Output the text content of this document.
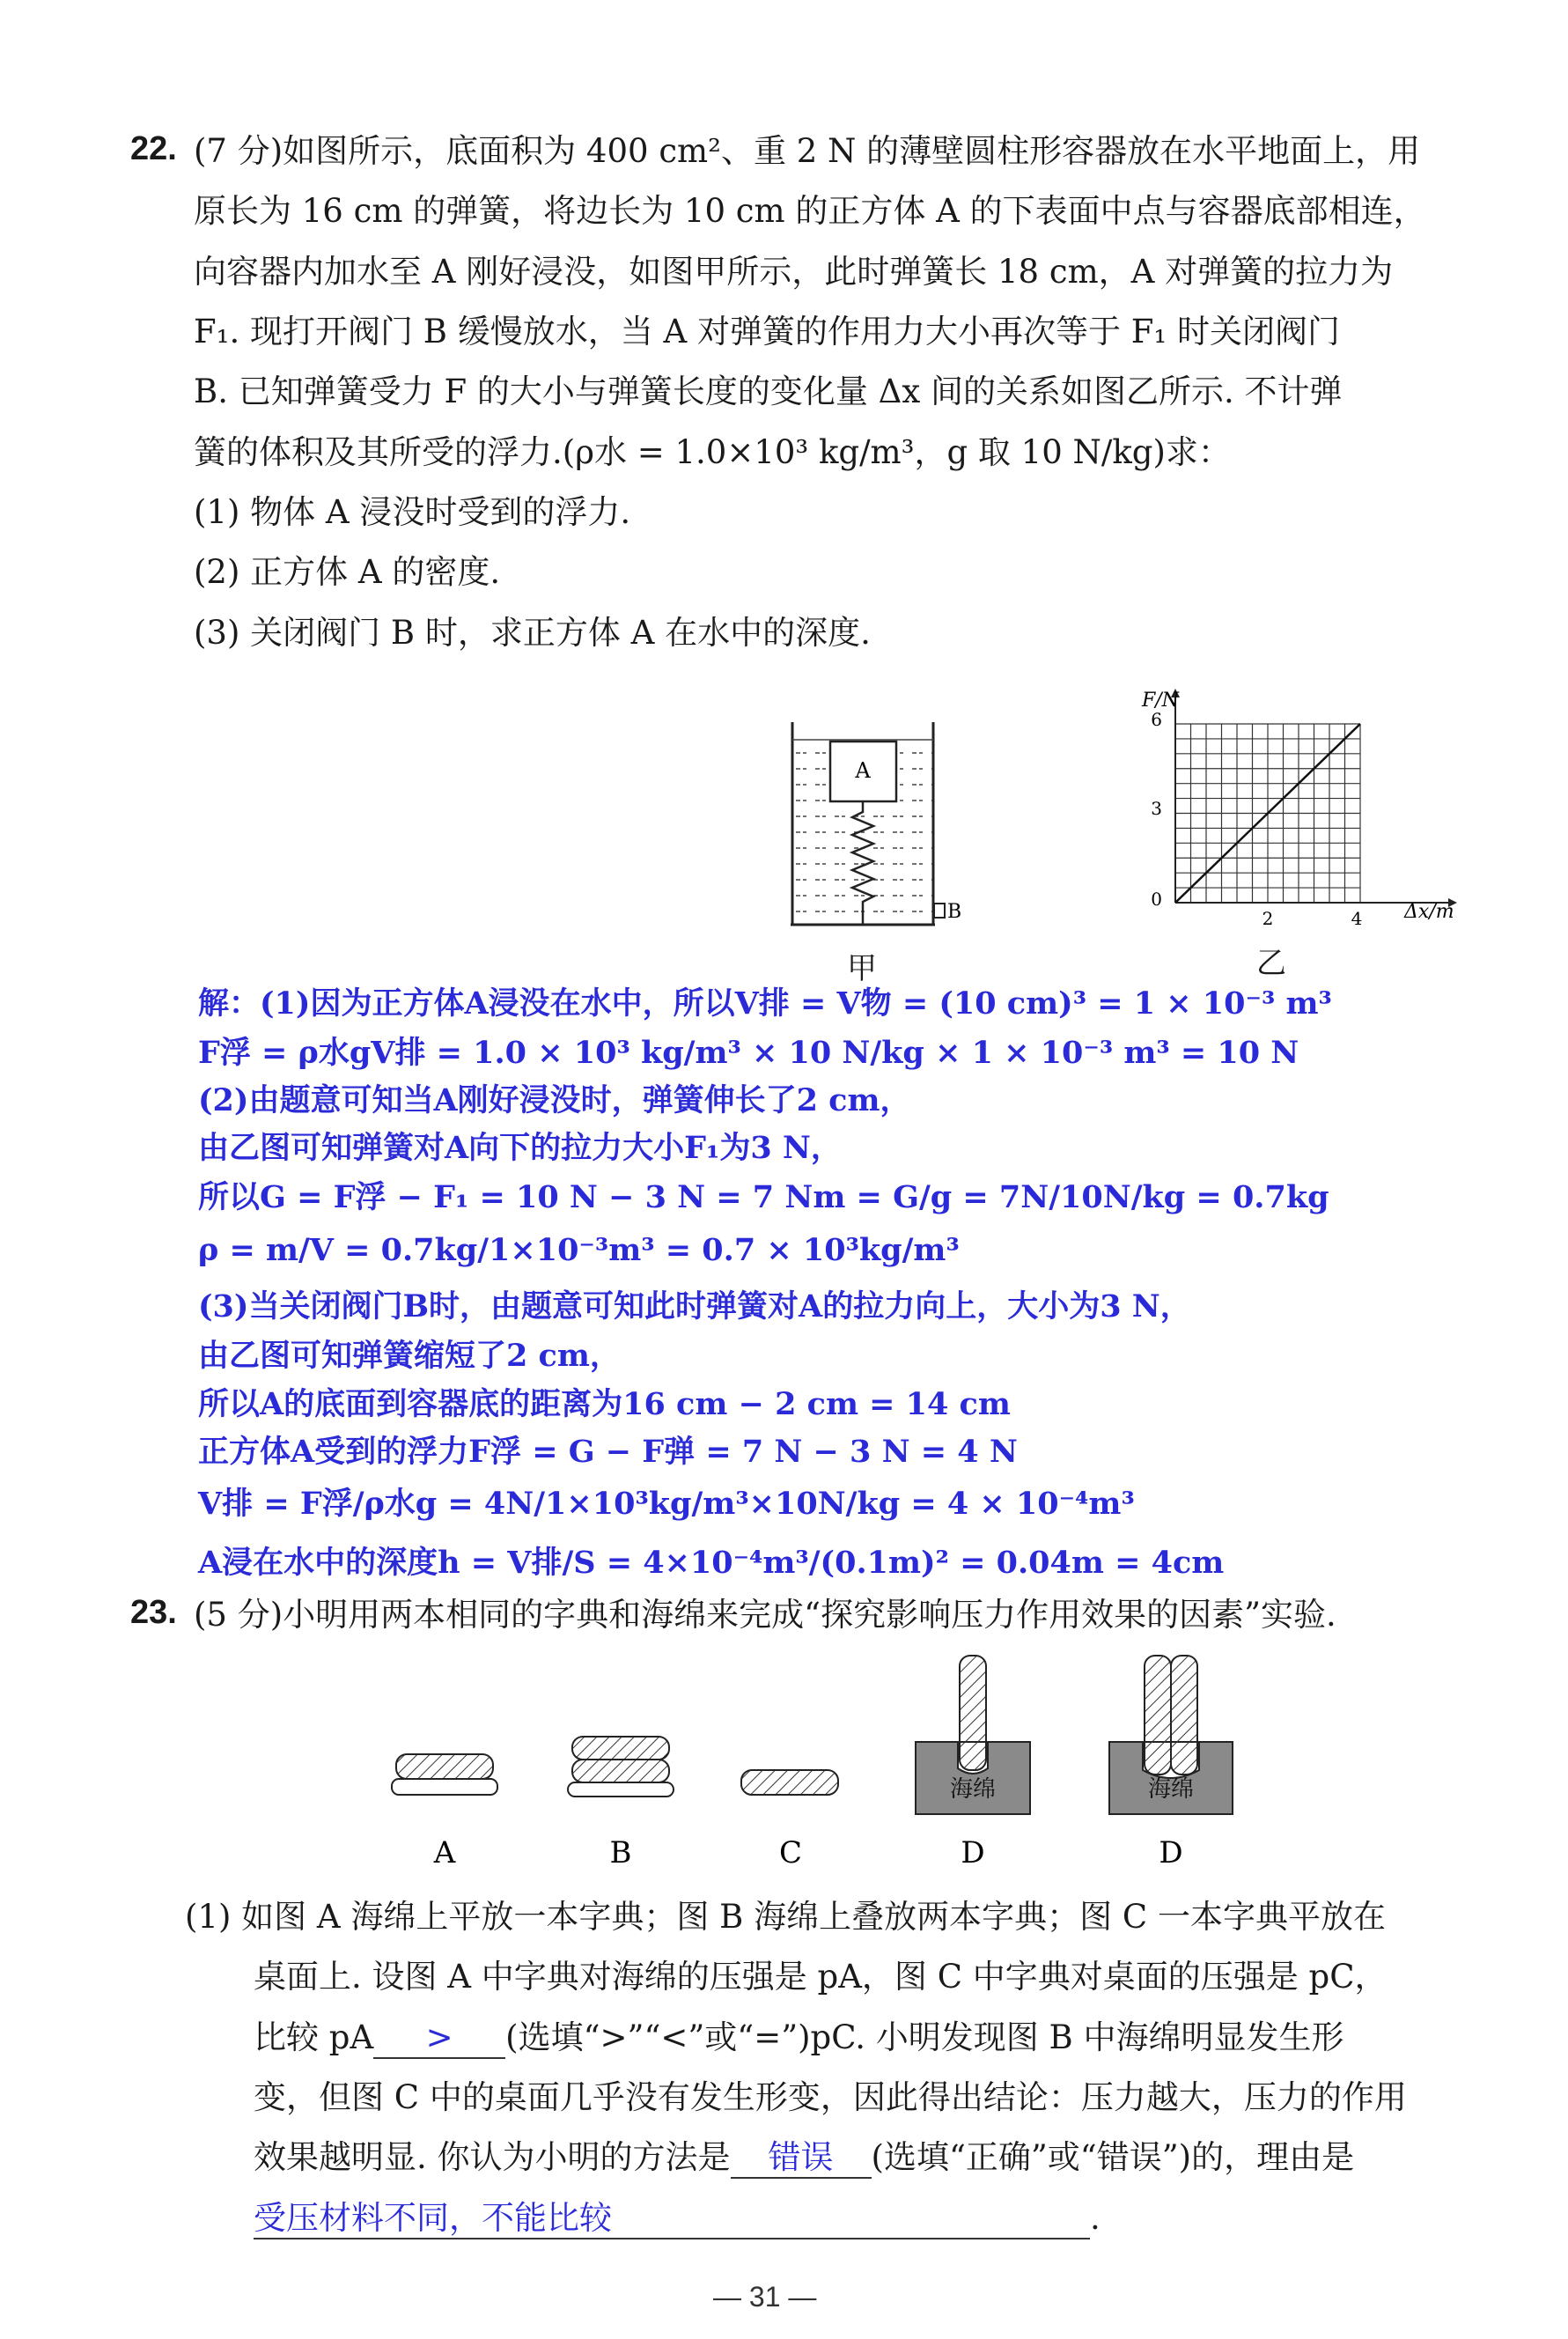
22. (7 分)如图所示，底面积为 400 cm²、重 2 N 的薄壁圆柱形容器放在水平地面上，用
原长为 16 cm 的弹簧，将边长为 10 cm 的正方体 A 的下表面中点与容器底部相连，
向容器内加水至 A 刚好浸没，如图甲所示，此时弹簧长 18 cm，A 对弹簧的拉力为
F₁. 现打开阀门 B 缓慢放水，当 A 对弹簧的作用力大小再次等于 F₁ 时关闭阀门
B. 已知弹簧受力 F 的大小与弹簧长度的变化量 Δx 间的关系如图乙所示. 不计弹
簧的体积及其所受的浮力.(ρ水 = 1.0×10³ kg/m³，g 取 10 N/kg)求：
(1) 物体 A 浸没时受到的浮力.
(2) 正方体 A 的密度.
(3) 关闭阀门 B 时，求正方体 A 在水中的深度.
A
B
甲
F/N
Δx/m
6
3
0
2	4
乙
解：(1)因为正方体A浸没在水中，所以V排 = V物 = (10 cm)³ = 1 × 10⁻³ m³
F浮 = ρ水gV排 = 1.0 × 10³ kg/m³ × 10 N/kg × 1 × 10⁻³ m³ = 10 N
(2)由题意可知当A刚好浸没时，弹簧伸长了2 cm，
由乙图可知弹簧对A向下的拉力大小F₁为3 N，
所以G = F浮 − F₁ = 10 N − 3 N = 7 Nm = G/g = 7N/10N/kg = 0.7kg
ρ = m/V = 0.7kg/1×10⁻³m³ = 0.7 × 10³kg/m³
(3)当关闭阀门B时，由题意可知此时弹簧对A的拉力向上，大小为3 N，
由乙图可知弹簧缩短了2 cm，
所以A的底面到容器底的距离为16 cm − 2 cm = 14 cm
正方体A受到的浮力F浮 = G − F弹 = 7 N − 3 N = 4 N
V排 = F浮/ρ水g = 4N/1×10³kg/m³×10N/kg = 4 × 10⁻⁴m³
A浸在水中的深度h = V排/S = 4×10⁻⁴m³/(0.1m)² = 0.04m = 4cm
23. (5 分)小明用两本相同的字典和海绵来完成“探究影响压力作用效果的因素”实验.
海绵	海绵
A	B	C	D	D
(1) 如图 A 海绵上平放一本字典；图 B 海绵上叠放两本字典；图 C 一本字典平放在
桌面上. 设图 A 中字典对海绵的压强是 pA，图 C 中字典对桌面的压强是 pC，
比较 pA > (选填“>”“<”或“=”)pC. 小明发现图 B 中海绵明显发生形
变，但图 C 中的桌面几乎没有发生形变，因此得出结论：压力越大，压力的作用
效果越明显. 你认为小明的方法是 错误 (选填“正确”或“错误”)的，理由是
受压材料不同，不能比较	.
— 31 —
